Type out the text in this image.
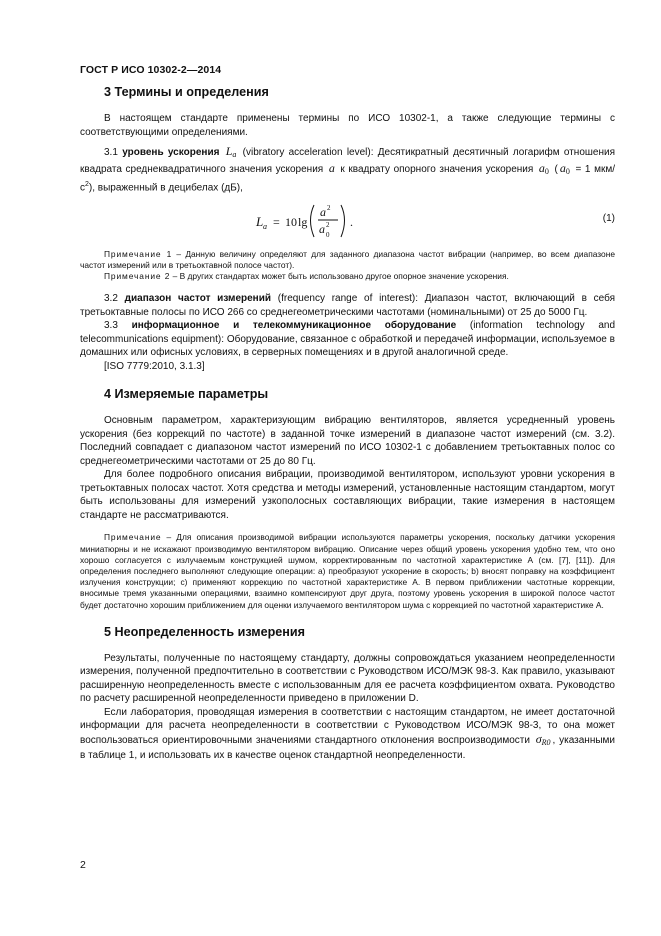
ГОСТ Р ИСО 10302-2—2014
3 Термины и определения

В настоящем стандарте применены термины по ИСО 10302-1, а также следующие термины с соответствующими определениями.

3.1 уровень ускорения $L_a$ (vibratory acceleration level): Десятикратный десятичный логарифм отношения квадрата среднеквадратичного значения ускорения a к квадрату опорного значения ускорения $a_0$ ( $a_0 = 1$ мкм/$с^2$), выраженный в децибелах (дБ),

L a = 10 lg
a 2
a 2
0
.	(1)

Примечание 1 – Данную величину определяют для заданного диапазона частот вибрации (например, во всем диапазоне частот измерений или в третьоктавной полосе частот).

Примечание 2 – В других стандартах может быть использовано другое опорное значение ускорения.

3.2 диапазон частот измерений (frequency range of interest): Диапазон частот, включающий в себя третьоктавные полосы по ИСО 266 со среднегеометрическими частотами (номинальными) от 25 до 5000 Гц.

3.3 информационное и телекоммуникационное оборудование (information technology and telecommunications equipment): Оборудование, связанное с обработкой и передачей информации, используемое в домашних или офисных условиях, в серверных помещениях и в другой аналогичной среде.

[ISO 7779:2010, 3.1.3]

4 Измеряемые параметры

Основным параметром, характеризующим вибрацию вентиляторов, является усредненный уровень ускорения (без коррекций по частоте) в заданной точке измерений в диапазоне частот измерений (см. 3.2). Последний совпадает с диапазоном частот измерений по ИСО 10302-1 с добавлением третьоктавных полос со среднегеометрическими частотами от 25 до 80 Гц.

Для более подробного описания вибрации, производимой вентилятором, используют уровни ускорения в третьоктавных полосах частот. Хотя средства и методы измерений, установленные настоящим стандартом, могут быть использованы для измерений узкополосных составляющих вибрации, такие измерения в настоящем стандарте не рассматриваются.

Примечание – Для описания производимой вибрации используются параметры ускорения, поскольку датчики ускорения миниатюрны и не искажают производимую вентилятором вибрацию. Описание через общий уровень ускорения удобно тем, что оно хорошо согласуется с излучаемым конструкцией шумом, корректированным по частотной характеристике А (см. [7], [11]). Для определения последнего выполняют следующие операции: a) преобразуют ускорение в скорость; b) вносят поправку на коэффициент излучения конструкции; с) применяют коррекцию по частотной характеристике А. В первом приближении частотные коррекции, вносимые тремя указанными операциями, взаимно компенсируют друг друга, поэтому уровень ускорения в широкой полосе частот будет достаточно хорошим приближением для оценки излучаемого вентилятором шума с коррекцией по частотной характеристике А.

5 Неопределенность измерения

Результаты, полученные по настоящему стандарту, должны сопровождаться указанием неопределенности измерения, полученной предпочтительно в соответствии с Руководством ИСО/МЭК 98-3. Как правило, указывают расширенную неопределенность вместе с использованным для ее расчета коэффициентом охвата. Руководство по расчету расширенной неопределенности приведено в приложении D.

Если лаборатория, проводящая измерения в соответствии с настоящим стандартом, не имеет достаточной информации для расчета неопределенности в соответствии с Руководством ИСО/МЭК 98-3, то она может воспользоваться ориентировочными значениями стандартного отклонения воспроизводимости $\sigma_{R0}$ , указанными в таблице 1, и использовать их в качестве оценок стандартной неопределенности.

2
